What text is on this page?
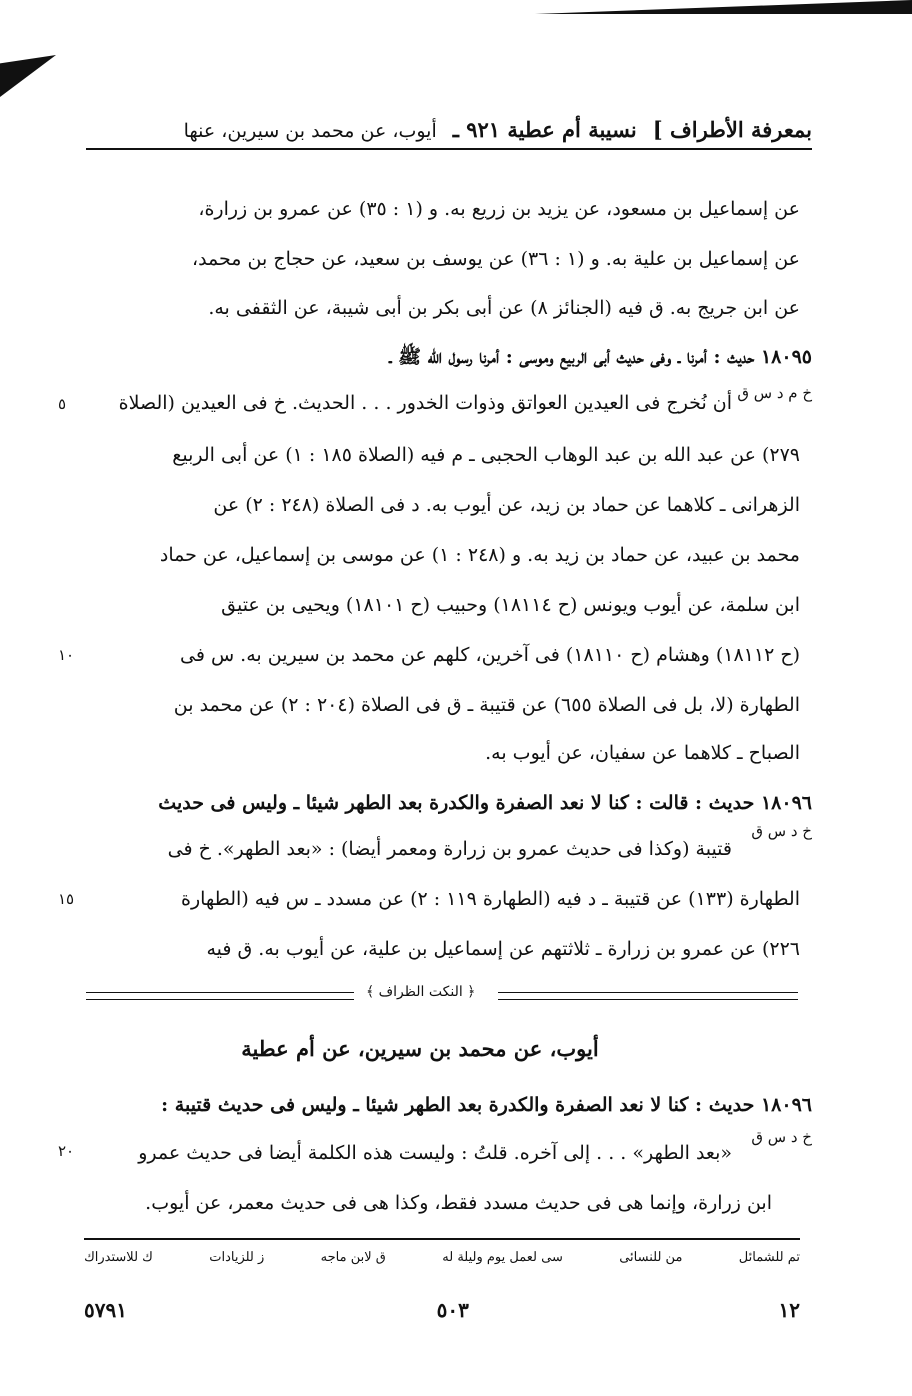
بمعرفة الأطراف ]
نسيبة أم عطية ٩٢١ ـ
أيوب، عن محمد بن سيرين، عنها
عن إسماعيل بن مسعود، عن يزيد بن زريع به. و (١ : ٣٥) عن عمرو بن زرارة،
عن إسماعيل بن علية به. و (١ : ٣٦) عن يوسف بن سعيد، عن حجاج بن محمد،
عن ابن جريج به. ق فيه (الجنائز ٨) عن أبى بكر بن أبى شيبة، عن الثقفى به.
١٨٠٩٥ حديث : أمرنا ـ وفى حديث أبى الربيع وموسى : أمرنا رسول الله ﷺ ـ
خ م د س ق
أن نُخرج فى العيدين العواتق وذوات الخدور . . . الحديث. خ فى العيدين (الصلاة
٥
٢٧٩) عن عبد الله بن عبد الوهاب الحجبى ـ م فيه (الصلاة ١٨٥ : ١) عن أبى الربيع
الزهرانى ـ كلاهما عن حماد بن زيد، عن أيوب به. د فى الصلاة (٢٤٨ : ٢) عن
محمد بن عبيد، عن حماد بن زيد به. و (٢٤٨ : ١) عن موسى بن إسماعيل، عن حماد
ابن سلمة، عن أيوب ويونس (ح ١٨١١٤) وحبيب (ح ١٨١٠١) ويحيى بن عتيق
(ح ١٨١١٢) وهشام (ح ١٨١١٠) فى آخرين، كلهم عن محمد بن سيرين به. س فى
١٠
الطهارة (لا، بل فى الصلاة ٦٥٥) عن قتيبة ـ ق فى الصلاة (٢٠٤ : ٢) عن محمد بن
الصباح ـ كلاهما عن سفيان، عن أيوب به.
١٨٠٩٦ حديث : قالت : كنا لا نعد الصفرة والكدرة بعد الطهر شيئا ـ وليس فى حديث
خ د س ق
قتيبة (وكذا فى حديث عمرو بن زرارة ومعمر أيضا) : «بعد الطهر». خ فى
الطهارة (١٣٣) عن قتيبة ـ د فيه (الطهارة ١١٩ : ٢) عن مسدد ـ س فيه (الطهارة
١٥
٢٢٦) عن عمرو بن زرارة ـ ثلاثتهم عن إسماعيل بن علية، عن أيوب به. ق فيه
﴿ النكت الظراف ﴾
أيوب، عن محمد بن سيرين، عن أم عطية
١٨٠٩٦ حديث : كنا لا نعد الصفرة والكدرة بعد الطهر شيئا ـ وليس فى حديث قتيبة :
خ د س ق
«بعد الطهر» . . . إلى آخره. قلتُ : وليست هذه الكلمة أيضا فى حديث عمرو
٢٠
ابن زرارة، وإنما هى فى حديث مسدد فقط، وكذا هى فى حديث معمر، عن أيوب.
تم للشمائل
من للنسائى
سى لعمل يوم وليلة له
ق لابن ماجه
ز للزيادات
ك للاستدراك
٥٧٩١	٥٠٣	١٢
